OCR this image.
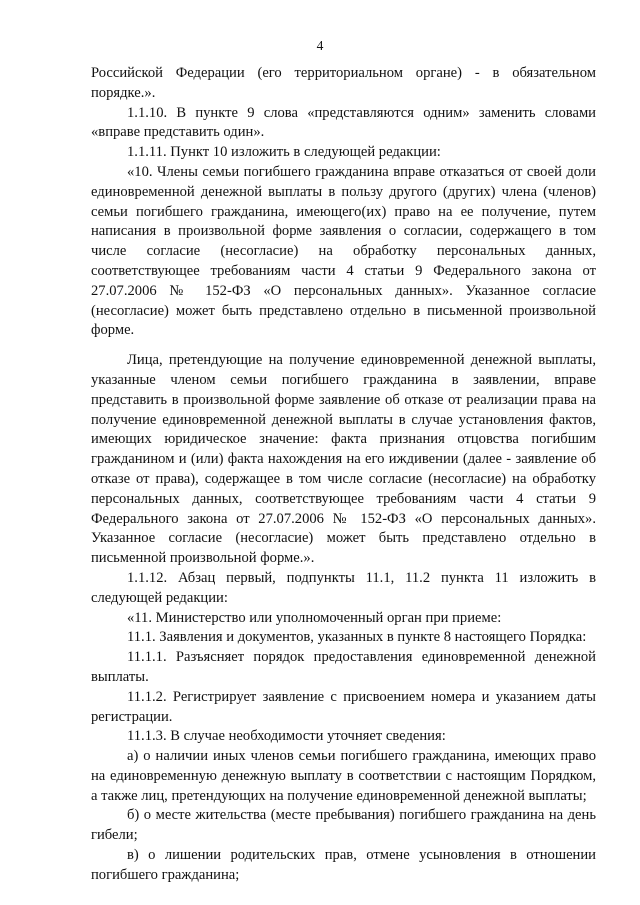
4

Российской Федерации (его территориальном органе) - в обязательном порядке.».

1.1.10. В пункте 9 слова «представляются одним» заменить словами «вправе представить один».

1.1.11. Пункт 10 изложить в следующей редакции:

«10. Члены семьи погибшего гражданина вправе отказаться от своей доли единовременной денежной выплаты в пользу другого (других) члена (членов) семьи погибшего гражданина, имеющего(их) право на ее получение, путем написания в произвольной форме заявления о согласии, содержащего в том числе согласие (несогласие) на обработку персональных данных, соответствующее требованиям части 4 статьи 9 Федерального закона от 27.07.2006 № 152-ФЗ «О персональных данных». Указанное согласие (несогласие) может быть представлено отдельно в письменной произвольной форме.

Лица, претендующие на получение единовременной денежной выплаты, указанные членом семьи погибшего гражданина в заявлении, вправе представить в произвольной форме заявление об отказе от реализации права на получение единовременной денежной выплаты в случае установления фактов, имеющих юридическое значение: факта признания отцовства погибшим гражданином и (или) факта нахождения на его иждивении (далее - заявление об отказе от права), содержащее в том числе согласие (несогласие) на обработку персональных данных, соответствующее требованиям части 4 статьи 9 Федерального закона от 27.07.2006 № 152-ФЗ «О персональных данных». Указанное согласие (несогласие) может быть представлено отдельно в письменной произвольной форме.».

1.1.12. Абзац первый, подпункты 11.1, 11.2 пункта 11 изложить в следующей редакции:

«11. Министерство или уполномоченный орган при приеме:

11.1. Заявления и документов, указанных в пункте 8 настоящего Порядка:

11.1.1. Разъясняет порядок предоставления единовременной денежной выплаты.

11.1.2. Регистрирует заявление с присвоением номера и указанием даты регистрации.

11.1.3. В случае необходимости уточняет сведения:

а) о наличии иных членов семьи погибшего гражданина, имеющих право на единовременную денежную выплату в соответствии с настоящим Порядком, а также лиц, претендующих на получение единовременной денежной выплаты;

б) о месте жительства (месте пребывания) погибшего гражданина на день гибели;

в) о лишении родительских прав, отмене усыновления в отношении погибшего гражданина;
